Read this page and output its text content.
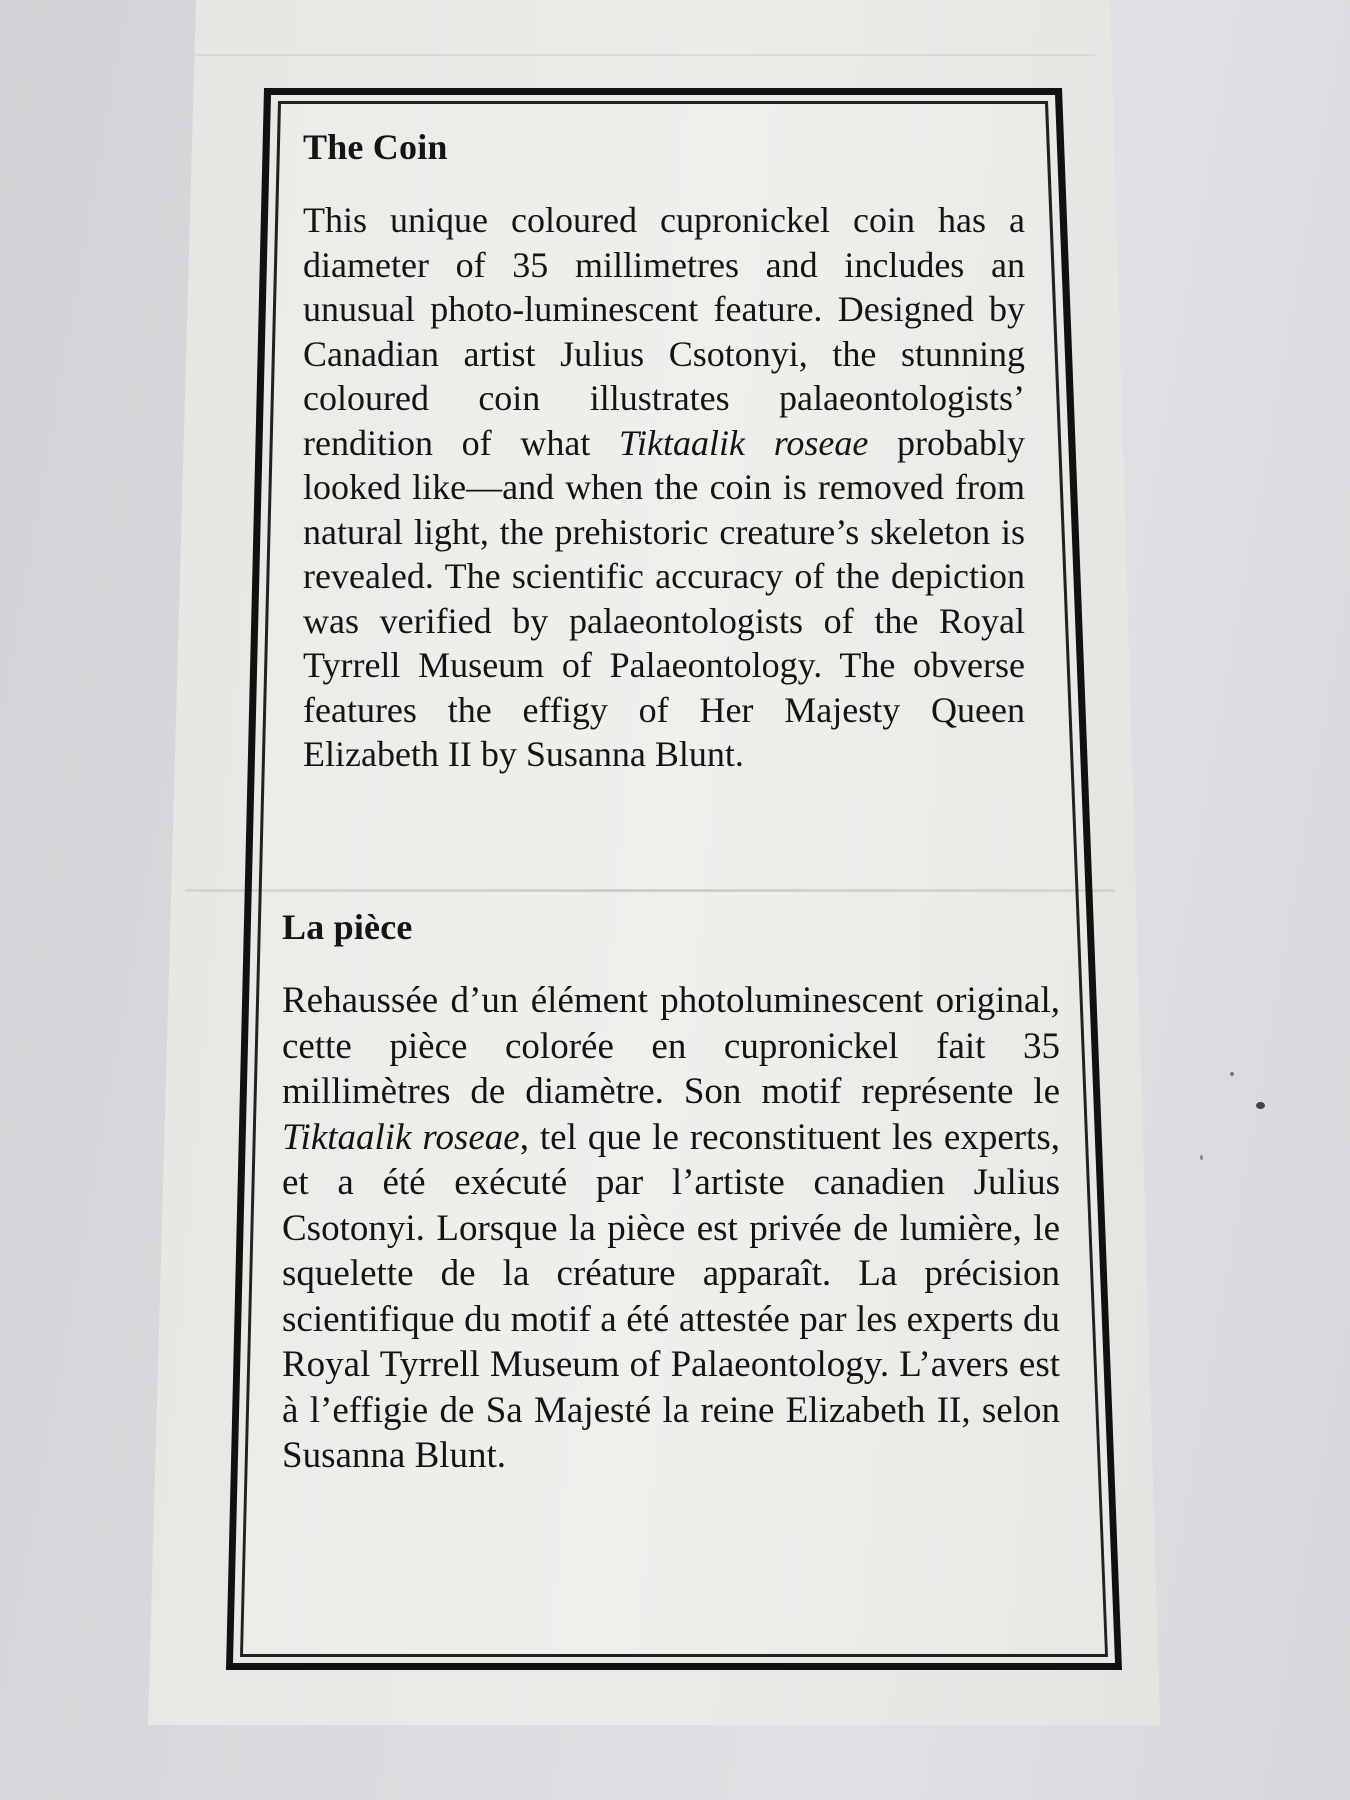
The Coin

This unique coloured cupronickel coin has a diameter of 35 millimetres and includes an unusual photo-luminescent feature. Designed by Canadian artist Julius Csotonyi, the stunning coloured coin illustrates palaeontologists’ rendition of what Tiktaalik roseae probably looked like—and when the coin is removed from natural light, the prehistoric creature’s skeleton is revealed. The scientific accuracy of the depiction was verified by palaeontologists of the Royal Tyrrell Museum of Palaeontology. The obverse features the effigy of Her Majesty Queen Elizabeth II by Susanna Blunt.

La pièce

Rehaussée d’un élément photoluminescent original, cette pièce colorée en cupronickel fait 35 millimètres de diamètre. Son motif représente le Tiktaalik roseae, tel que le reconstituent les experts, et a été exécuté par l’artiste canadien Julius Csotonyi. Lorsque la pièce est privée de lumière, le squelette de la créature apparaît. La précision scientifique du motif a été attestée par les experts du Royal Tyrrell Museum of Palaeontology. L’avers est à l’effigie de Sa Majesté la reine Elizabeth II, selon Susanna Blunt.
